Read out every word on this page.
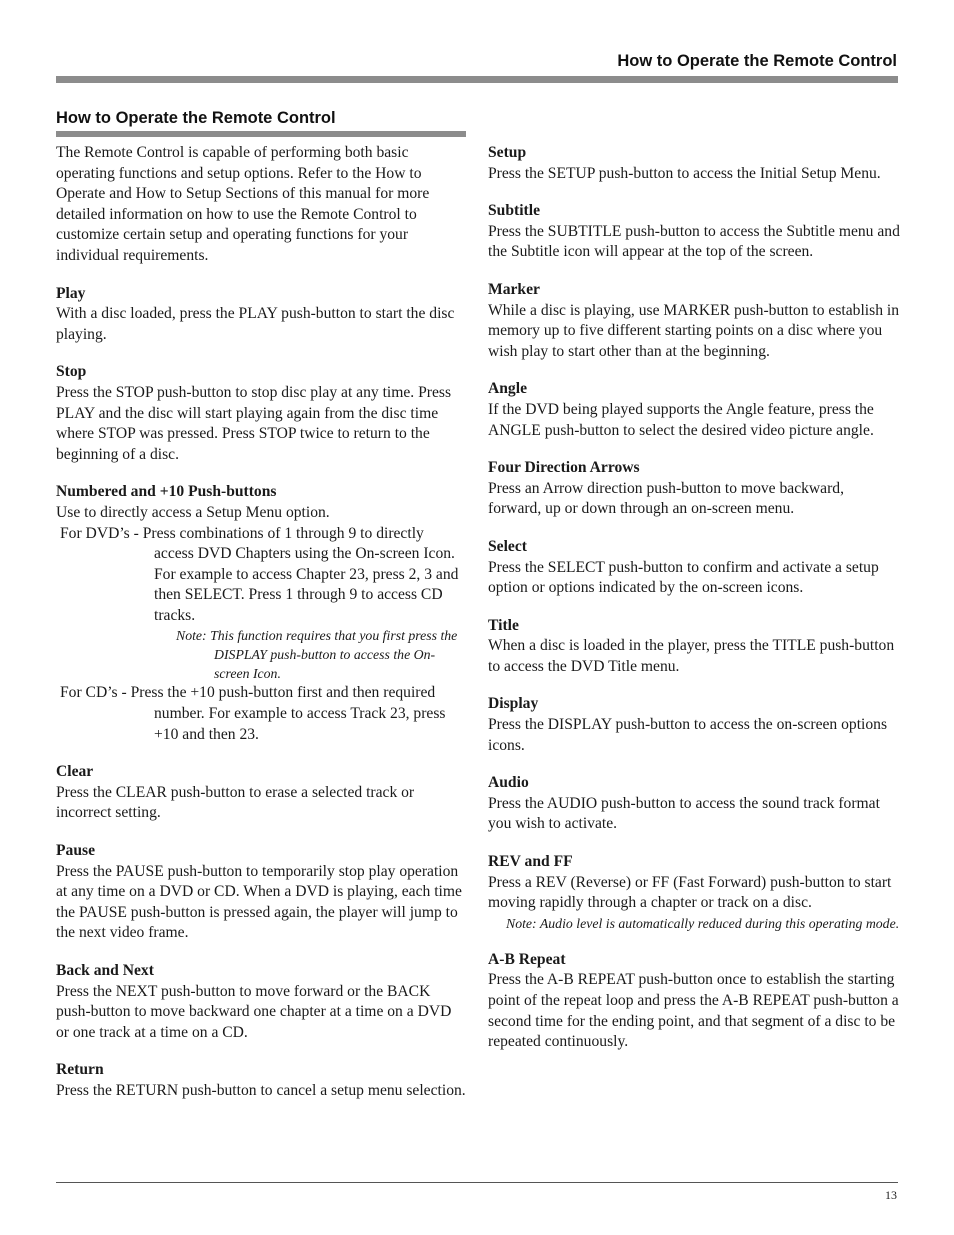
How to Operate the Remote Control
How to Operate the Remote Control

The Remote Control is capable of performing both basic operating functions and setup options. Refer to the How to Operate and How to Setup Sections of this manual for more detailed information on how to use the Remote Control to customize certain setup and operating functions for your individual requirements.

Play

With a disc loaded, press the PLAY push-button to start the disc playing.

Stop

Press the STOP push-button to stop disc play at any time. Press PLAY and the disc will start playing again from the disc time where STOP was pressed. Press STOP twice to return to the beginning of a disc.

Numbered and +10 Push-buttons

Use to directly access a Setup Menu option.

For DVD’s - Press combinations of 1 through 9 to directly access DVD Chapters using the On-screen Icon. For example to access Chapter 23, press 2, 3 and then SELECT. Press 1 through 9 to access CD tracks.

Note: This function requires that you first press the DISPLAY push-button to access the On-screen Icon.

For CD’s - Press the +10 push-button first and then required number. For example to access Track 23, press +10 and then 23.

Clear

Press the CLEAR push-button to erase a selected track or incorrect setting.

Pause

Press the PAUSE push-button to temporarily stop play operation at any time on a DVD or CD. When a DVD is playing, each time the PAUSE push-button is pressed again, the player will jump to the next video frame.

Back and Next

Press the NEXT push-button to move forward or the BACK push-button to move backward one chapter at a time on a DVD or one track at a time on a CD.

Return

Press the RETURN push-button to cancel a setup menu selection.

Setup

Press the SETUP push-button to access the Initial Setup Menu.

Subtitle

Press the SUBTITLE push-button to access the Subtitle menu and the Subtitle icon will appear at the top of the screen.

Marker

While a disc is playing, use MARKER push-button to establish in memory up to five different starting points on a disc where you wish play to start other than at the beginning.

Angle

If the DVD being played supports the Angle feature, press the ANGLE push-button to select the desired video picture angle.

Four Direction Arrows

Press an Arrow direction push-button to move backward, forward, up or down through an on-screen menu.

Select

Press the SELECT push-button to confirm and activate a setup option or options indicated by the on-screen icons.

Title

When a disc is loaded in the player, press the TITLE push-button to access the DVD Title menu.

Display

Press the DISPLAY push-button to access the on-screen options icons.

Audio

Press the AUDIO push-button to access the sound track format you wish to activate.

REV and FF

Press a REV (Reverse) or FF (Fast Forward) push-button to start moving rapidly through a chapter or track on a disc.

Note: Audio level is automatically reduced during this operating mode.

A-B Repeat

Press the A-B REPEAT push-button once to establish the starting point of the repeat loop and press the A-B REPEAT push-button a second time for the ending point, and that segment of a disc to be repeated continuously.

13
